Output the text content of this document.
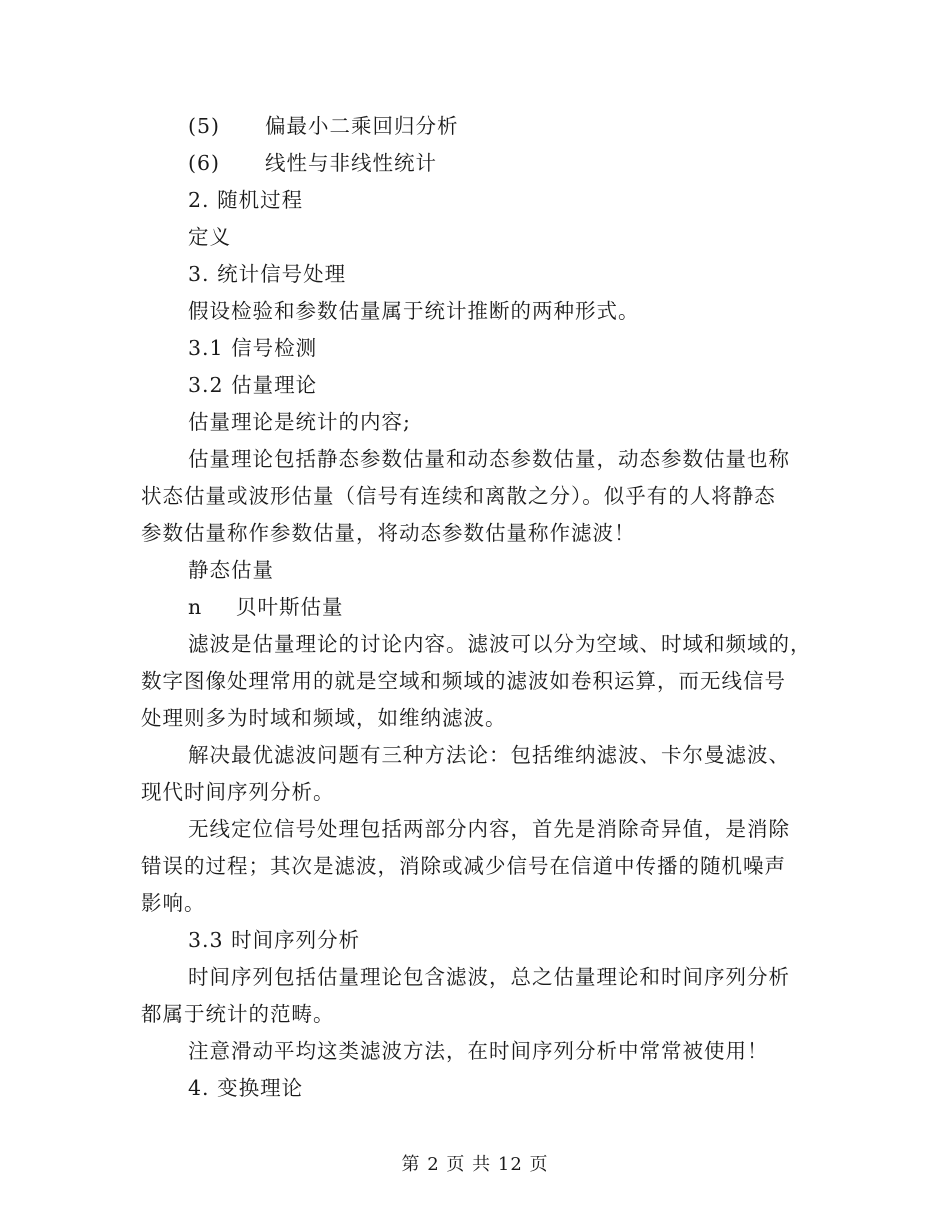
(5) 偏最小二乘回归分析
(6) 线性与非线性统计
2. 随机过程
定义
3. 统计信号处理
假设检验和参数估量属于统计推断的两种形式。
3.1 信号检测
3.2 估量理论
估量理论是统计的内容;
估量理论包括静态参数估量和动态参数估量，动态参数估量也称
状态估量或波形估量（信号有连续和离散之分）。似乎有的人将静态
参数估量称作参数估量，将动态参数估量称作滤波！
静态估量
n 贝叶斯估量
滤波是估量理论的讨论内容。滤波可以分为空域、时域和频域的，
数字图像处理常用的就是空域和频域的滤波如卷积运算，而无线信号
处理则多为时域和频域，如维纳滤波。
解决最优滤波问题有三种方法论：包括维纳滤波、卡尔曼滤波、
现代时间序列分析。
无线定位信号处理包括两部分内容，首先是消除奇异值，是消除
错误的过程；其次是滤波，消除或减少信号在信道中传播的随机噪声
影响。
3.3 时间序列分析
时间序列包括估量理论包含滤波，总之估量理论和时间序列分析
都属于统计的范畴。
注意滑动平均这类滤波方法，在时间序列分析中常常被使用！
4. 变换理论
第 2 页 共 12 页
